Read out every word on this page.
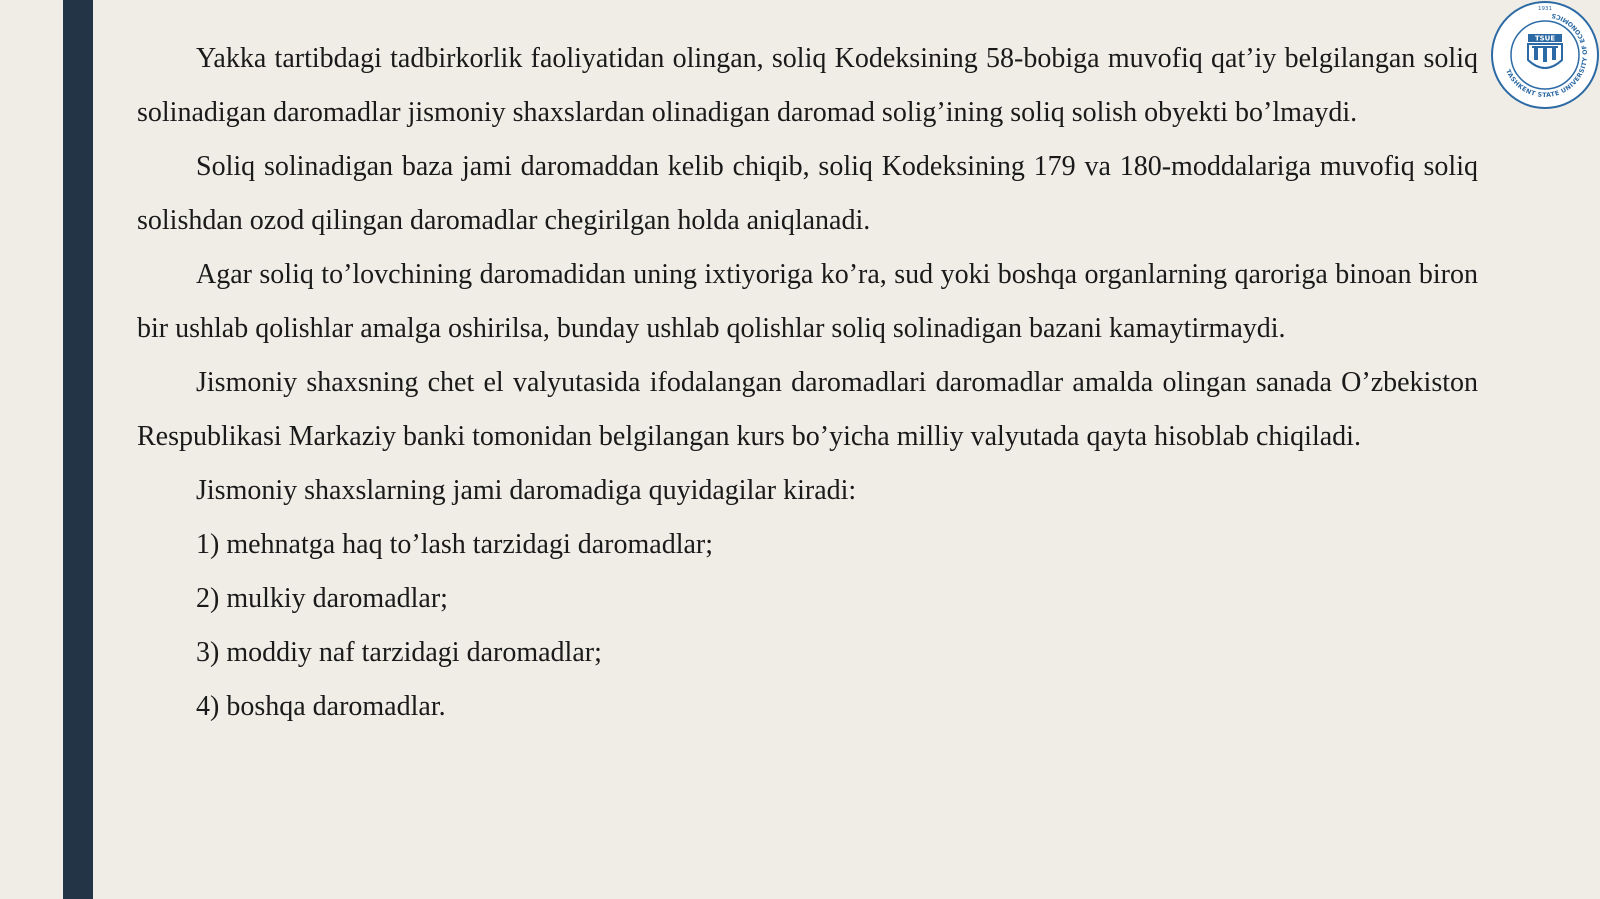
TASHKENT STATE UNIVERSITY OF ECONOMICS
1931
TSUE

Yakka tartibdagi tadbirkorlik faoliyatidan olingan, soliq Kodeksining 58-bobiga muvofiq qat’iy belgilangan soliq solinadigan daromadlar jismoniy shaxslardan olinadigan daromad solig’ining soliq solish obyekti bo’lmaydi.

Soliq solinadigan baza jami daromaddan kelib chiqib, soliq Kodeksining 179 va 180-moddalariga muvofiq soliq solishdan ozod qilingan daromadlar chegirilgan holda aniqlanadi.

Agar soliq to’lovchining daromadidan uning ixtiyoriga ko’ra, sud yoki boshqa organlarning qaroriga binoan biron bir ushlab qolishlar amalga oshirilsa, bunday ushlab qolishlar soliq solinadigan bazani kamaytirmaydi.

Jismoniy shaxsning chet el valyutasida ifodalangan daromadlari daromadlar amalda olingan sanada O’zbekiston Respublikasi Markaziy banki tomonidan belgilangan kurs bo’yicha milliy valyutada qayta hisoblab chiqiladi.

Jismoniy shaxslarning jami daromadiga quyidagilar kiradi:

1) mehnatga haq to’lash tarzidagi daromadlar;

2) mulkiy daromadlar;

3) moddiy naf tarzidagi daromadlar;

4) boshqa daromadlar.
